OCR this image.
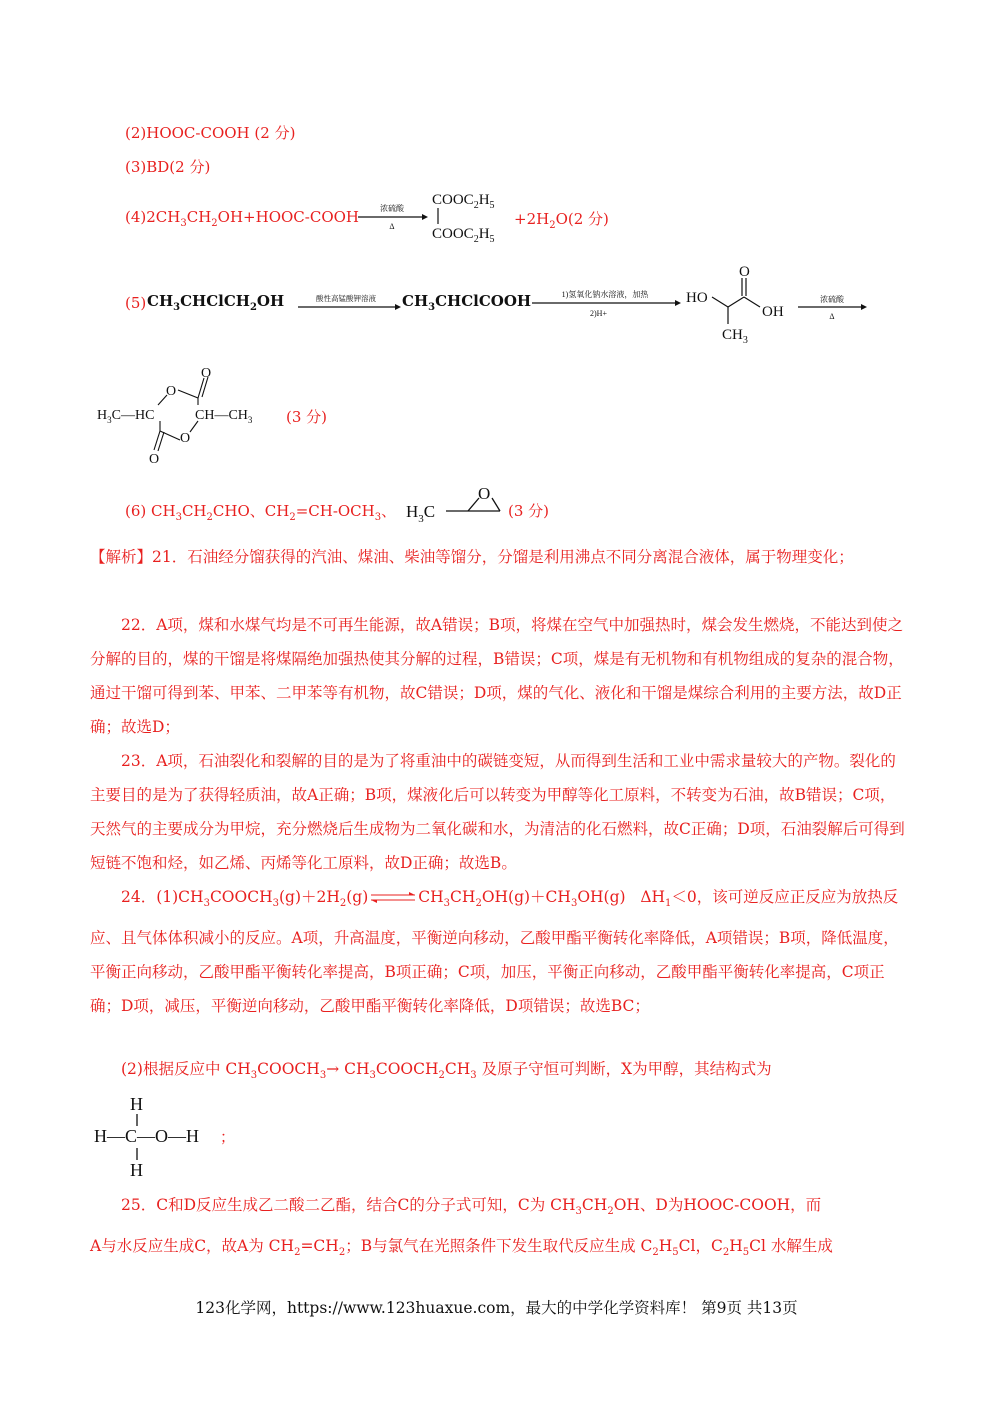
(2)HOOC-COOH (2 分)
(3)BD(2 分)
$(4)2CH_3CH_2OH+HOOC$-COOH	浓硫酸
Δ
$COOC_2H_5$
$COOC_2H_5$
$+2H_2O(2$ 分)
(5) $CH_3CHClCH_2OH$	酸性高锰酸钾溶液 $CH_3CHClCOOH$	1)氢氧化钠水溶液，加热
2)H+
HO
O
OH
$CH_3$
浓硫酸
Δ
$H_3C—HC$
O
O
$CH—CH_3$
O
O
(3 分)
(6) $CH_3CH_2CHO$、$CH_2=CH-OCH_3$、 $H_3C$
O
(3 分)
【解析】21．石油经分馏获得的汽油、煤油、柴油等馏分，分馏是利用沸点不同分离混合液体，属于物理变化；
22．A项，煤和水煤气均是不可再生能源，故A错误；B项，将煤在空气中加强热时，煤会发生燃烧，不能达到使之分解的目的，煤的干馏是将煤隔绝加强热使其分解的过程，B错误；C项，煤是有无机物和有机物组成的复杂的混合物，通过干馏可得到苯、甲苯、二甲苯等有机物，故C错误；D项，煤的气化、液化和干馏是煤综合利用的主要方法，故D正确；故选D；
23．A项，石油裂化和裂解的目的是为了将重油中的碳链变短，从而得到生活和工业中需求量较大的产物。裂化的主要目的是为了获得轻质油，故A正确；B项，煤液化后可以转变为甲醇等化工原料，不转变为石油，故B错误；C项，天然气的主要成分为甲烷，充分燃烧后生成物为二氧化碳和水，为清洁的化石燃料，故C正确；D项，石油裂解后可得到短链不饱和烃，如乙烯、丙烯等化工原料，故D正确；故选B。
24．$(1)CH_3COOCH_3(g)+2H_2(g)$	$CH_3CH_2OH(g)+CH_3OH(g)$   $\Delta H_1<0$，该可逆反应正反应为放热反应、且气体体积减小的反应。A项，升高温度，平衡逆向移动，乙酸甲酯平衡转化率降低，A项错误；B项，降低温度，平衡正向移动，乙酸甲酯平衡转化率提高，B项正确；C项，加压，平衡正向移动，乙酸甲酯平衡转化率提高，C项正确；D项，减压，平衡逆向移动，乙酸甲酯平衡转化率降低，D项错误；故选BC；
(2)根据反应中 $CH_3COOCH_3\to$ $CH_3COOCH_2CH_3$ 及原子守恒可判断，X为甲醇，其结构式为
H
H—C—O—H
H
；
25．C和D反应生成乙二酸二乙酯，结合C的分子式可知，C为 $CH_3CH_2OH$、D为HOOC-COOH，而
A与水反应生成C，故A为 $CH_2=CH_2$；B与氯气在光照条件下发生取代反应生成 $C_2H_5Cl$，$C_2H_5Cl$ 水解生成
123化学网，https://www.123huaxue.com，最大的中学化学资料库！ 第9页 共13页
